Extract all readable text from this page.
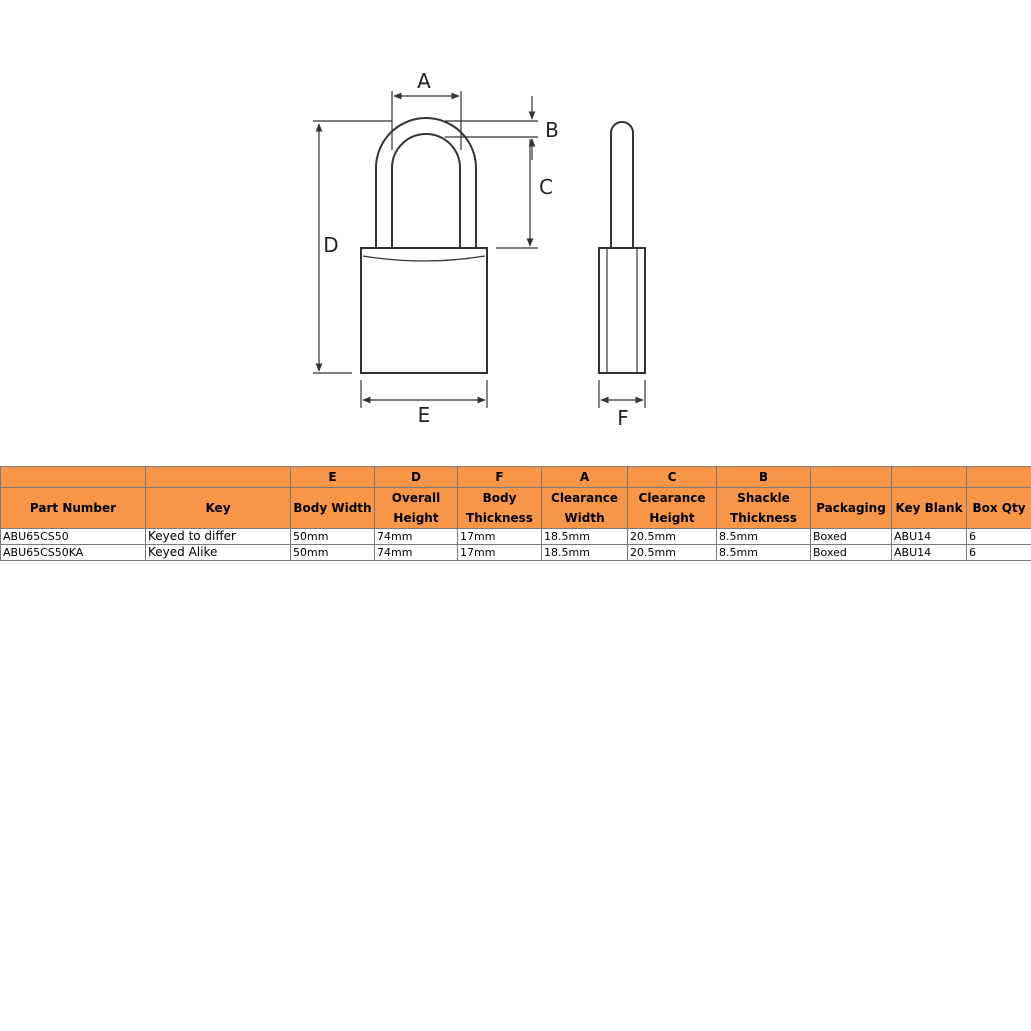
A
B
C
D
E	F
		E	D	F	A	C	B			
Part Number	Key	Body Width	Overall Height	Body Thickness	Clearance Width	Clearance Height	Shackle Thickness	Packaging	Key Blank	Box Qty
ABU65CS50	Keyed to differ	50mm	74mm	17mm	18.5mm	20.5mm	8.5mm	Boxed	ABU14	6
ABU65CS50KA	Keyed Alike	50mm	74mm	17mm	18.5mm	20.5mm	8.5mm	Boxed	ABU14	6
